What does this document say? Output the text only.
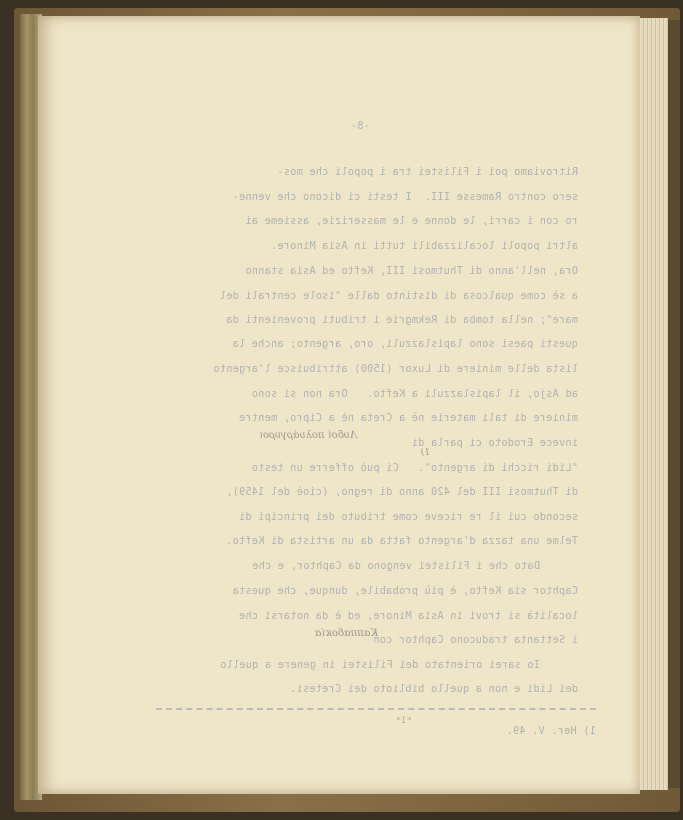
-8-
Ritroviamo poi i Filistei tra i popoli che mos-
sero contro Ramesse III.  I testi ci dicono che venne-
ro con i carri, le donne e le masserizie, assieme ai
altri popoli localizzabili tutti in Asia Minore.
Ora, nell'anno di Thutmosi III, Kefto ed Asia stanno
a sè come qualcosa di distinto dalle "isole centrali del
mare"; nella tomba di Rekmgrie i tributi provenienti da
questi paesi sono lapislazzuli, oro, argento; anche la
lista delle miniere di Luxor (1500) attribuisce l'argento
ad Asjo, il lapislazzuli a Kefto.   Ora non si sono
miniere di tali materie nè a Creta nè a Cipro, mentre
invece Erodoto ci parla di
Λυδοὶ πολυάργυροι
1)
"Lidi ricchi di argento".   Ci può offerre un testo
di Thutmosi III del 420 anno di regno, (cioè del 1459),
secondo cui il re riceve come tributo dei principi di
Telme una tazza d'argento fatta da un artista di Kefto.
Dato che i Filistei vengono da Caphtor, e che
Caphtor sia Kefto, è più probabile, dunque, che questa
località si trovi in Asia Minore, ed è da notarsi che
i Settanta traducono Caphtor con
Καππαδοκία
Io sarei orientato dei Filistei in genere a quello
dei Lidi e non a quello biblioto dei Cretesi.
*1*
1) Her. V. 49.
